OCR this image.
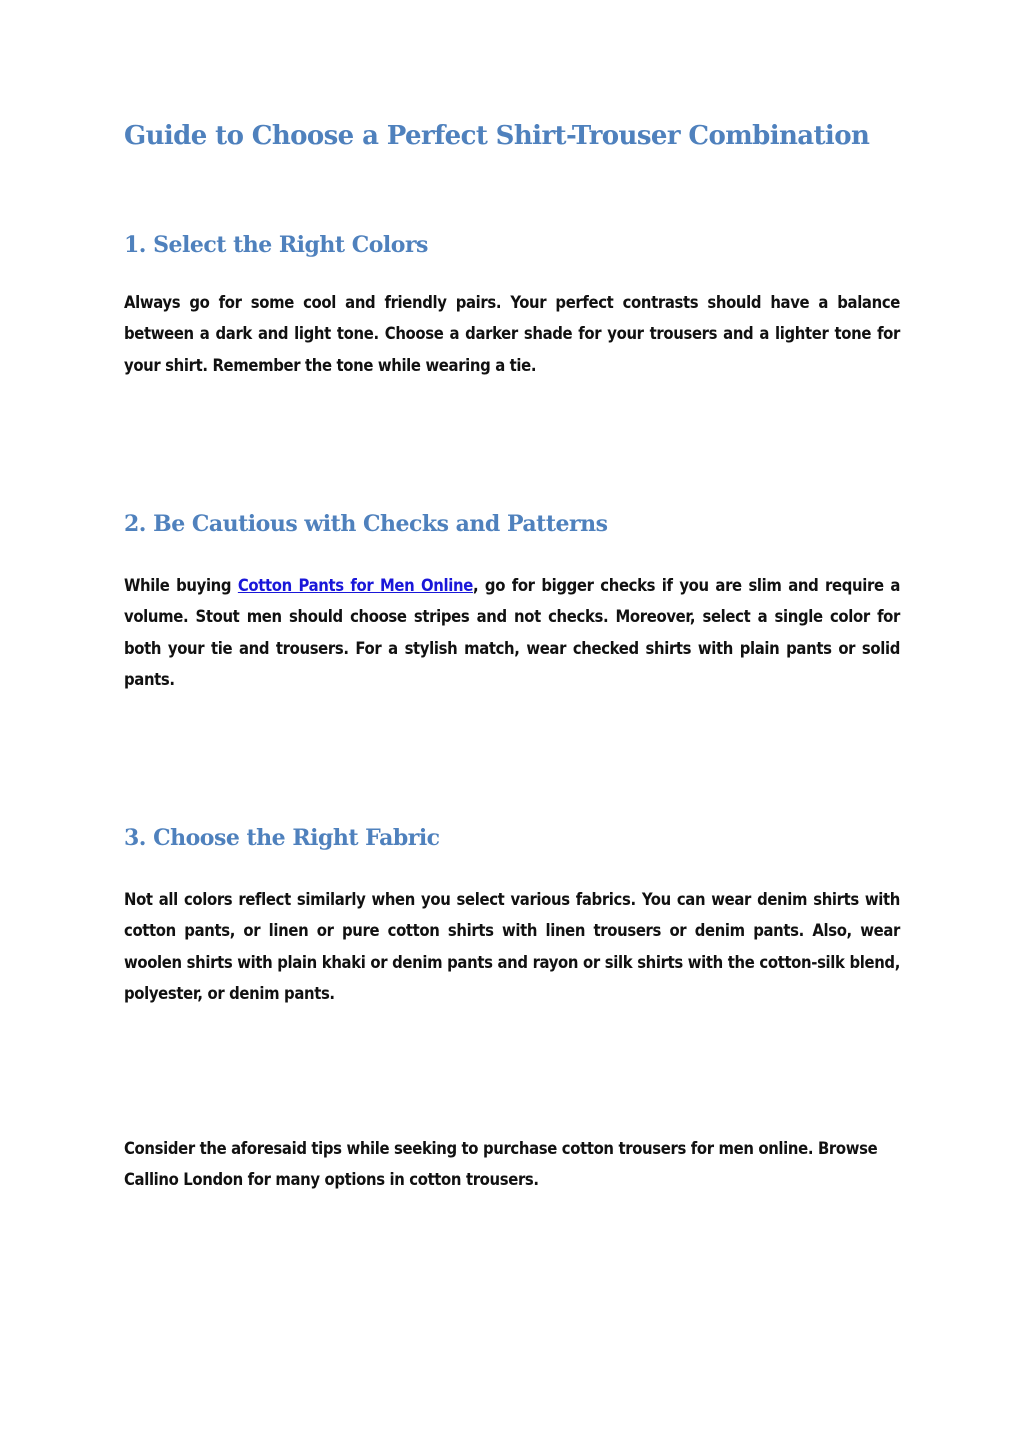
Guide to Choose a Perfect Shirt-Trouser Combination
1. Select the Right Colors

Always go for some cool and friendly pairs. Your perfect contrasts should have a balance between a dark and light tone. Choose a darker shade for your trousers and a lighter tone for your shirt. Remember the tone while wearing a tie.

2. Be Cautious with Checks and Patterns

While buying Cotton Pants for Men Online, go for bigger checks if you are slim and require a volume. Stout men should choose stripes and not checks. Moreover, select a single color for both your tie and trousers. For a stylish match, wear checked shirts with plain pants or solid pants.

3. Choose the Right Fabric

Not all colors reflect similarly when you select various fabrics. You can wear denim shirts with cotton pants, or linen or pure cotton shirts with linen trousers or denim pants. Also, wear woolen shirts with plain khaki or denim pants and rayon or silk shirts with the cotton-silk blend, polyester, or denim pants.

Consider the aforesaid tips while seeking to purchase cotton trousers for men online. Browse
Callino London for many options in cotton trousers.
